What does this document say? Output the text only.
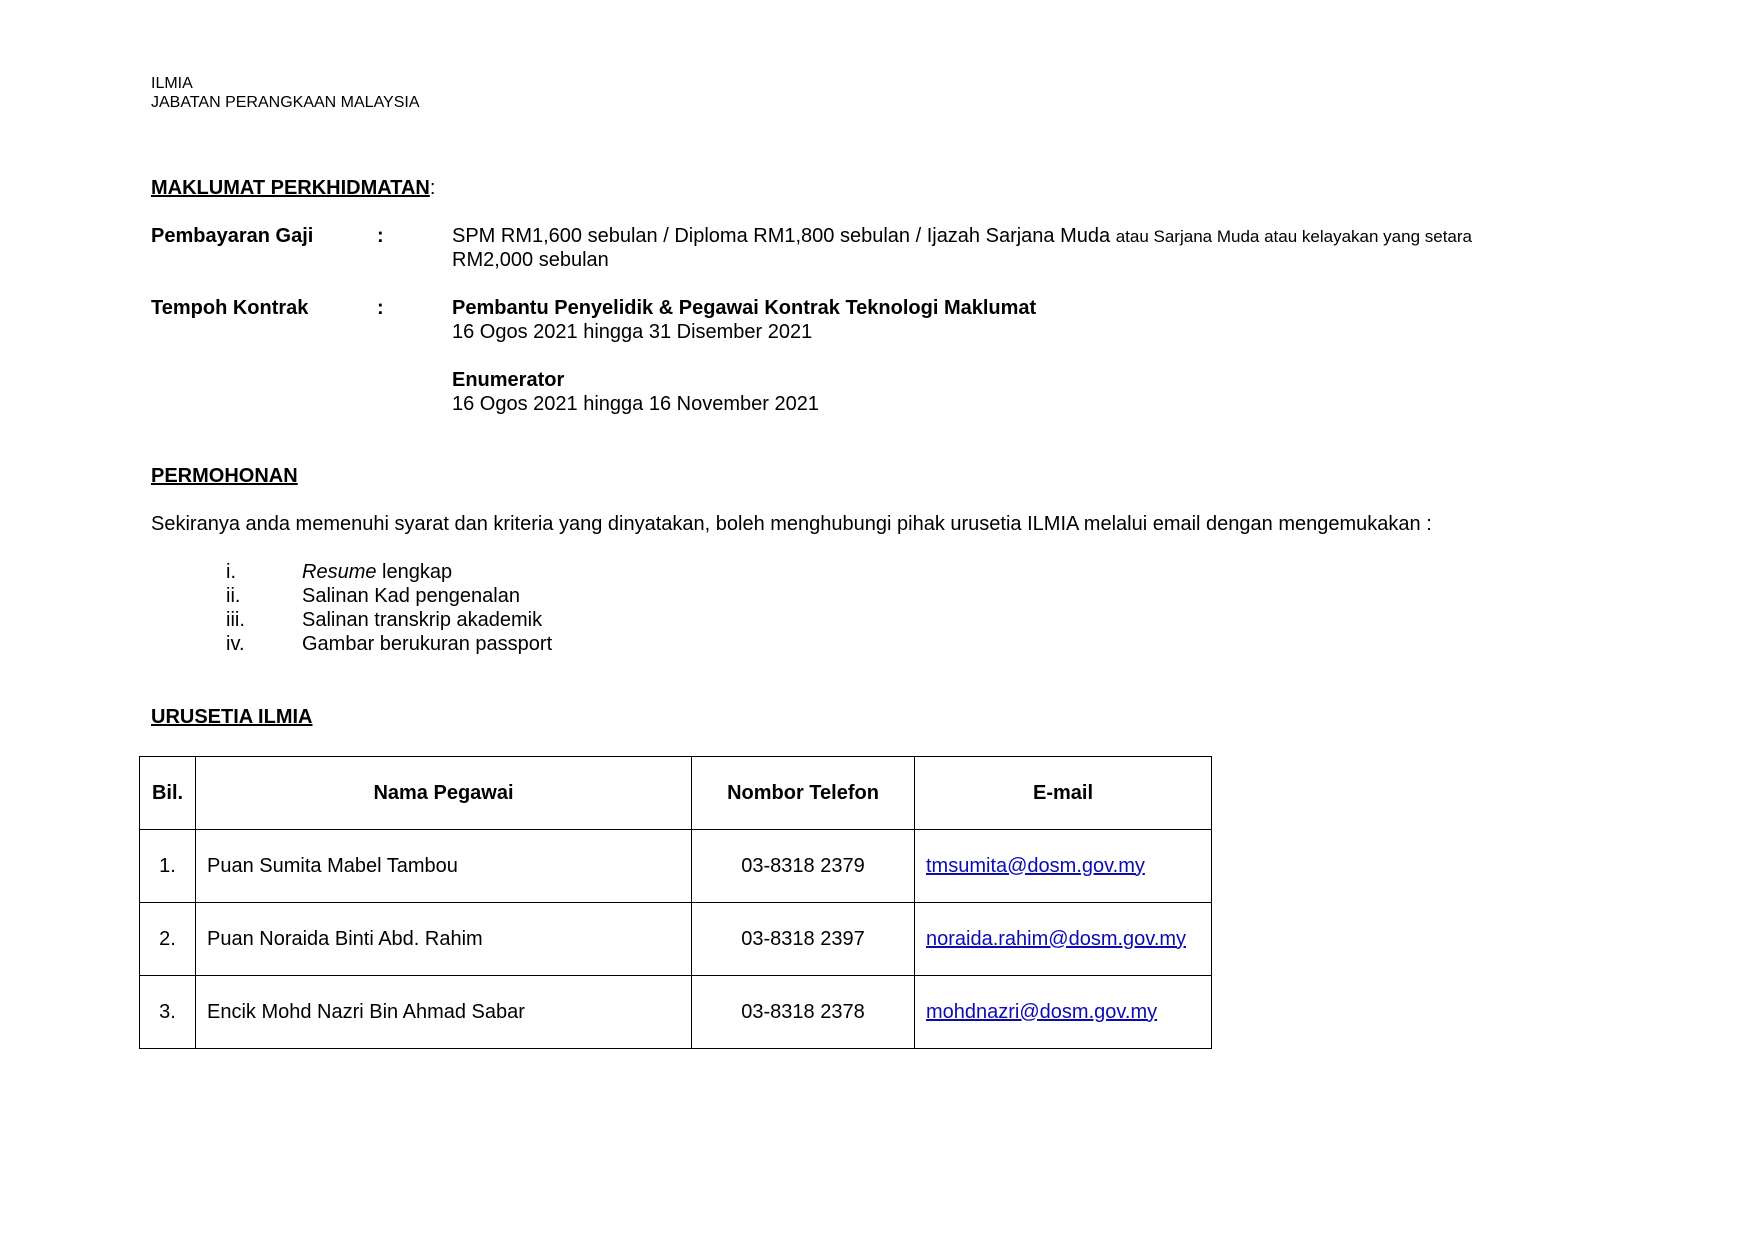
ILMIA
JABATAN PERANGKAAN MALAYSIA
MAKLUMAT PERKHIDMATAN:
Pembayaran Gaji	:	SPM RM1,600 sebulan / Diploma RM1,800 sebulan / Ijazah Sarjana Muda atau Sarjana Muda atau kelayakan yang setara
RM2,000 sebulan
Tempoh Kontrak	:	Pembantu Penyelidik & Pegawai Kontrak Teknologi Maklumat
16 Ogos 2021 hingga 31 Disember 2021
Enumerator
16 Ogos 2021 hingga 16 November 2021
PERMOHONAN
Sekiranya anda memenuhi syarat dan kriteria yang dinyatakan, boleh menghubungi pihak urusetia ILMIA melalui email dengan mengemukakan :
i.	Resume lengkap
ii.	Salinan Kad pengenalan
iii.	Salinan transkrip akademik
iv.	Gambar berukuran passport
URUSETIA ILMIA
Bil.	Nama Pegawai	Nombor Telefon	E-mail
1.	Puan Sumita Mabel Tambou	03-8318 2379	tmsumita@dosm.gov.my
2.	Puan Noraida Binti Abd. Rahim	03-8318 2397	noraida.rahim@dosm.gov.my
3.	Encik Mohd Nazri Bin Ahmad Sabar	03-8318 2378	mohdnazri@dosm.gov.my
